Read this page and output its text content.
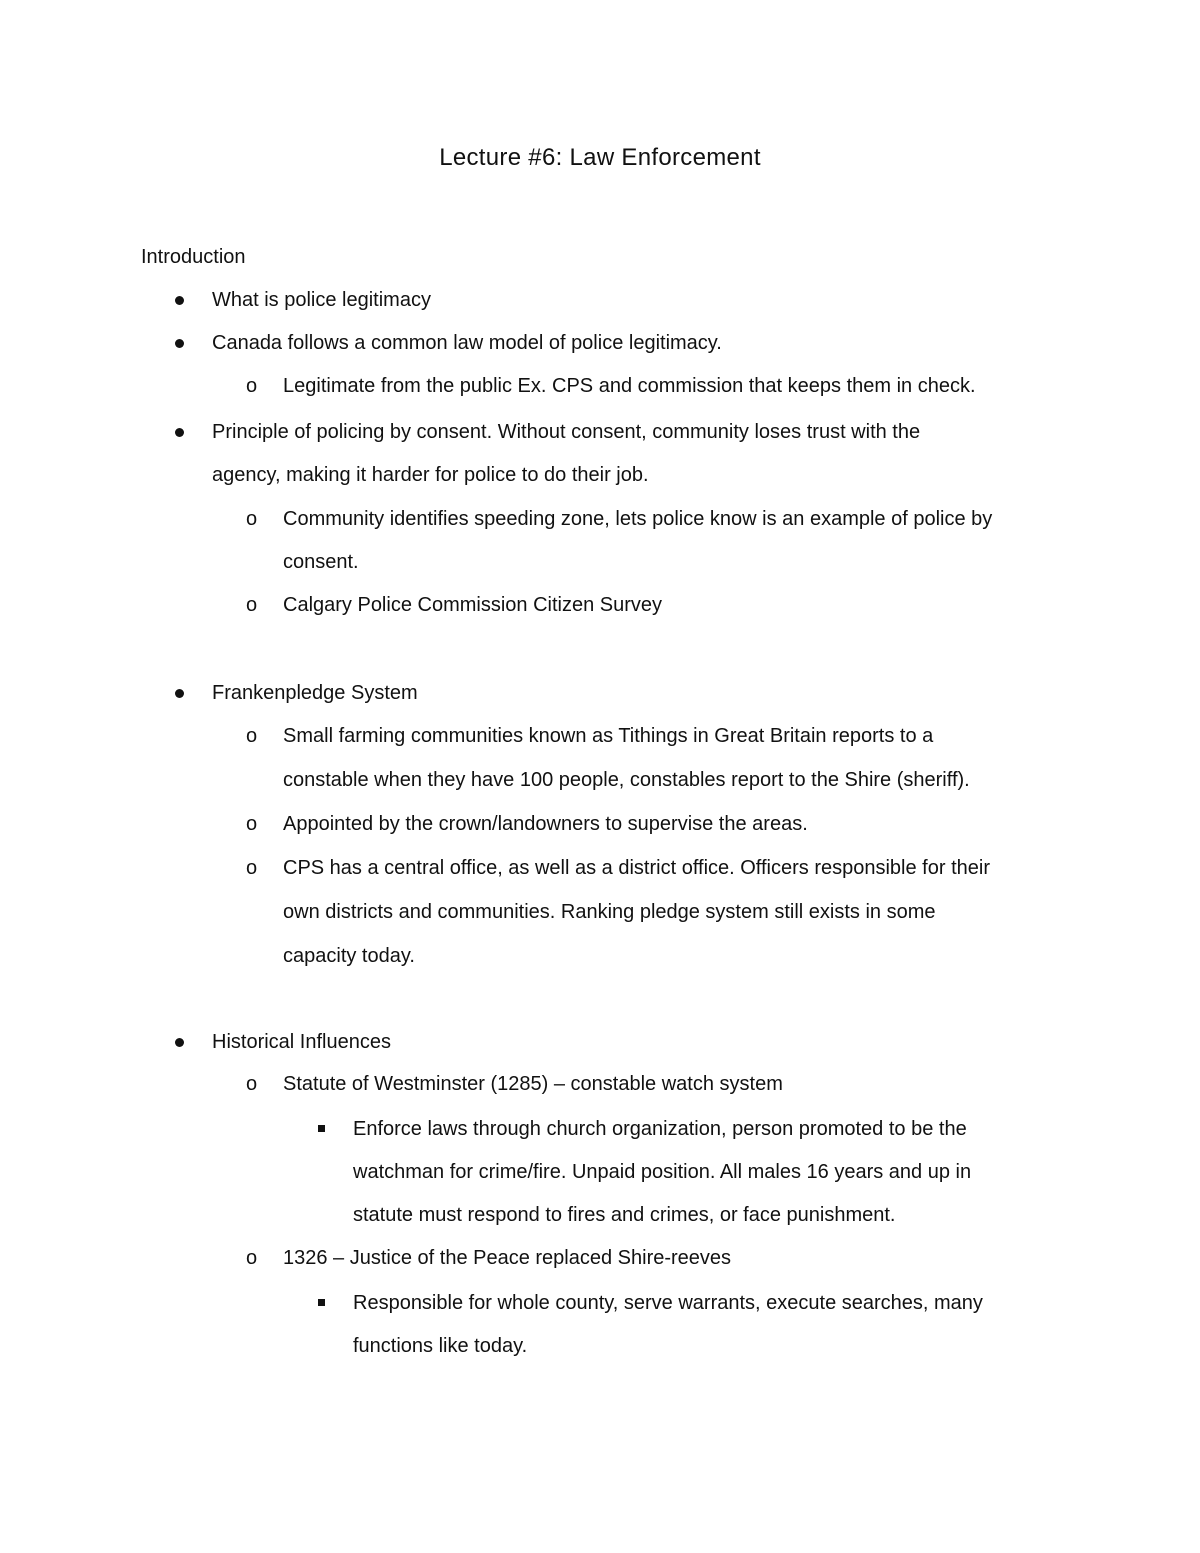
Lecture #6: Law Enforcement
Introduction
What is police legitimacy
Canada follows a common law model of police legitimacy.
o Legitimate from the public Ex. CPS and commission that keeps them in check.
Principle of policing by consent. Without consent, community loses trust with the
agency, making it harder for police to do their job.
o Community identifies speeding zone, lets police know is an example of police by
consent.
o Calgary Police Commission Citizen Survey
Frankenpledge System
o Small farming communities known as Tithings in Great Britain reports to a
constable when they have 100 people, constables report to the Shire (sheriff).
o Appointed by the crown/landowners to supervise the areas.
o CPS has a central office, as well as a district office. Officers responsible for their
own districts and communities. Ranking pledge system still exists in some
capacity today.
Historical Influences
o Statute of Westminster (1285) – constable watch system
Enforce laws through church organization, person promoted to be the
watchman for crime/fire. Unpaid position. All males 16 years and up in
statute must respond to fires and crimes, or face punishment.
o 1326 – Justice of the Peace replaced Shire-reeves
Responsible for whole county, serve warrants, execute searches, many
functions like today.
